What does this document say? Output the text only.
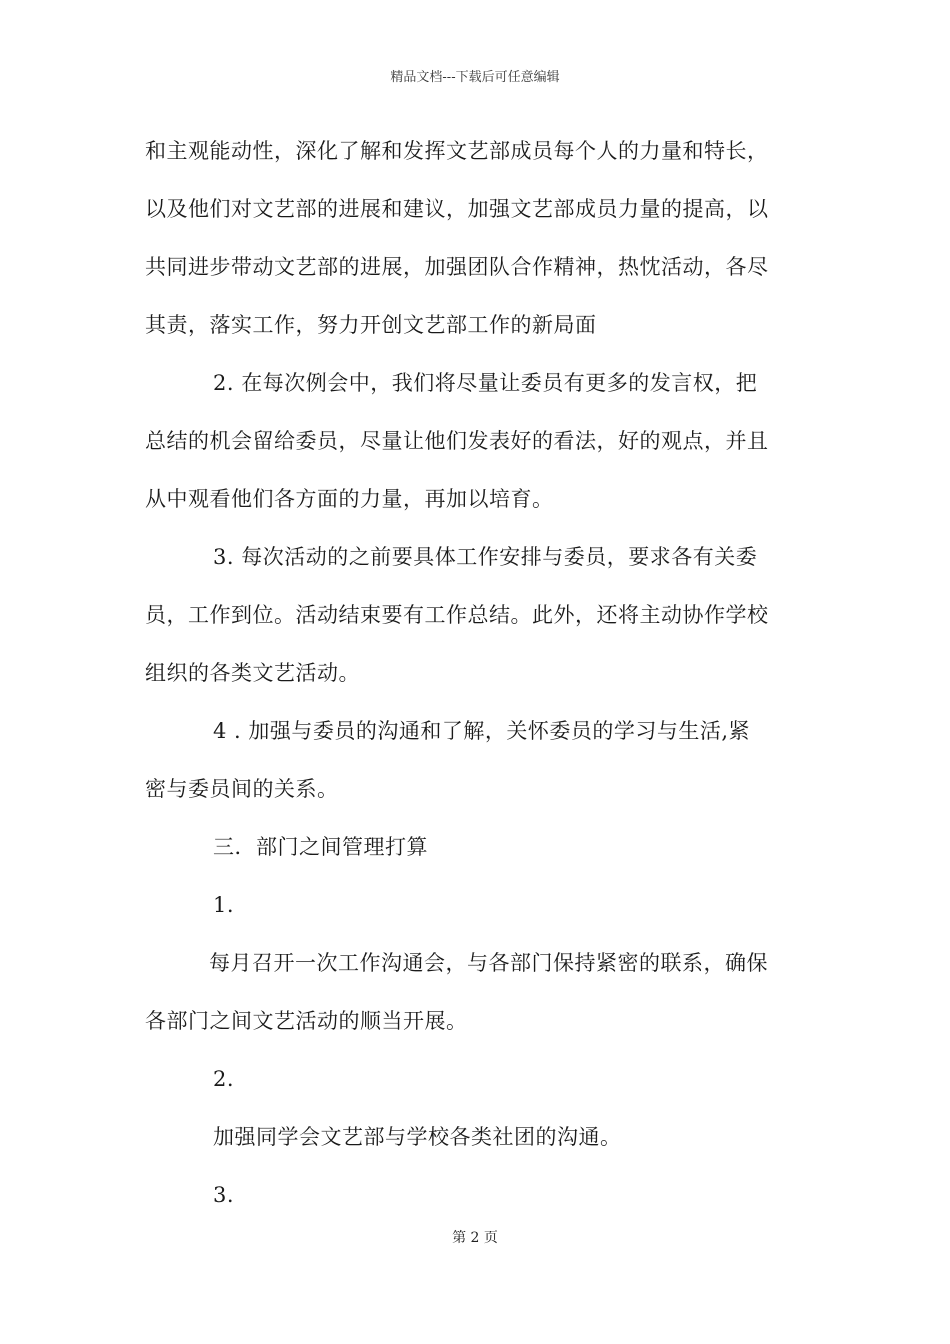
精品文档---下载后可任意编辑
和主观能动性，深化了解和发挥文艺部成员每个人的力量和特长，
以及他们对文艺部的进展和建议，加强文艺部成员力量的提高，以
共同进步带动文艺部的进展，加强团队合作精神，热忱活动，各尽
其责，落实工作，努力开创文艺部工作的新局面
2. 在每次例会中，我们将尽量让委员有更多的发言权，把
总结的机会留给委员，尽量让他们发表好的看法，好的观点，并且
从中观看他们各方面的力量，再加以培育。
3. 每次活动的之前要具体工作安排与委员，要求各有关委
员，工作到位。活动结束要有工作总结。此外，还将主动协作学校
组织的各类文艺活动。
4 . 加强与委员的沟通和了解，关怀委员的学习与生活,紧
密与委员间的关系。
三．部门之间管理打算
1.
每月召开一次工作沟通会，与各部门保持紧密的联系，确保
各部门之间文艺活动的顺当开展。
2.
加强同学会文艺部与学校各类社团的沟通。
3.
第 2 页
